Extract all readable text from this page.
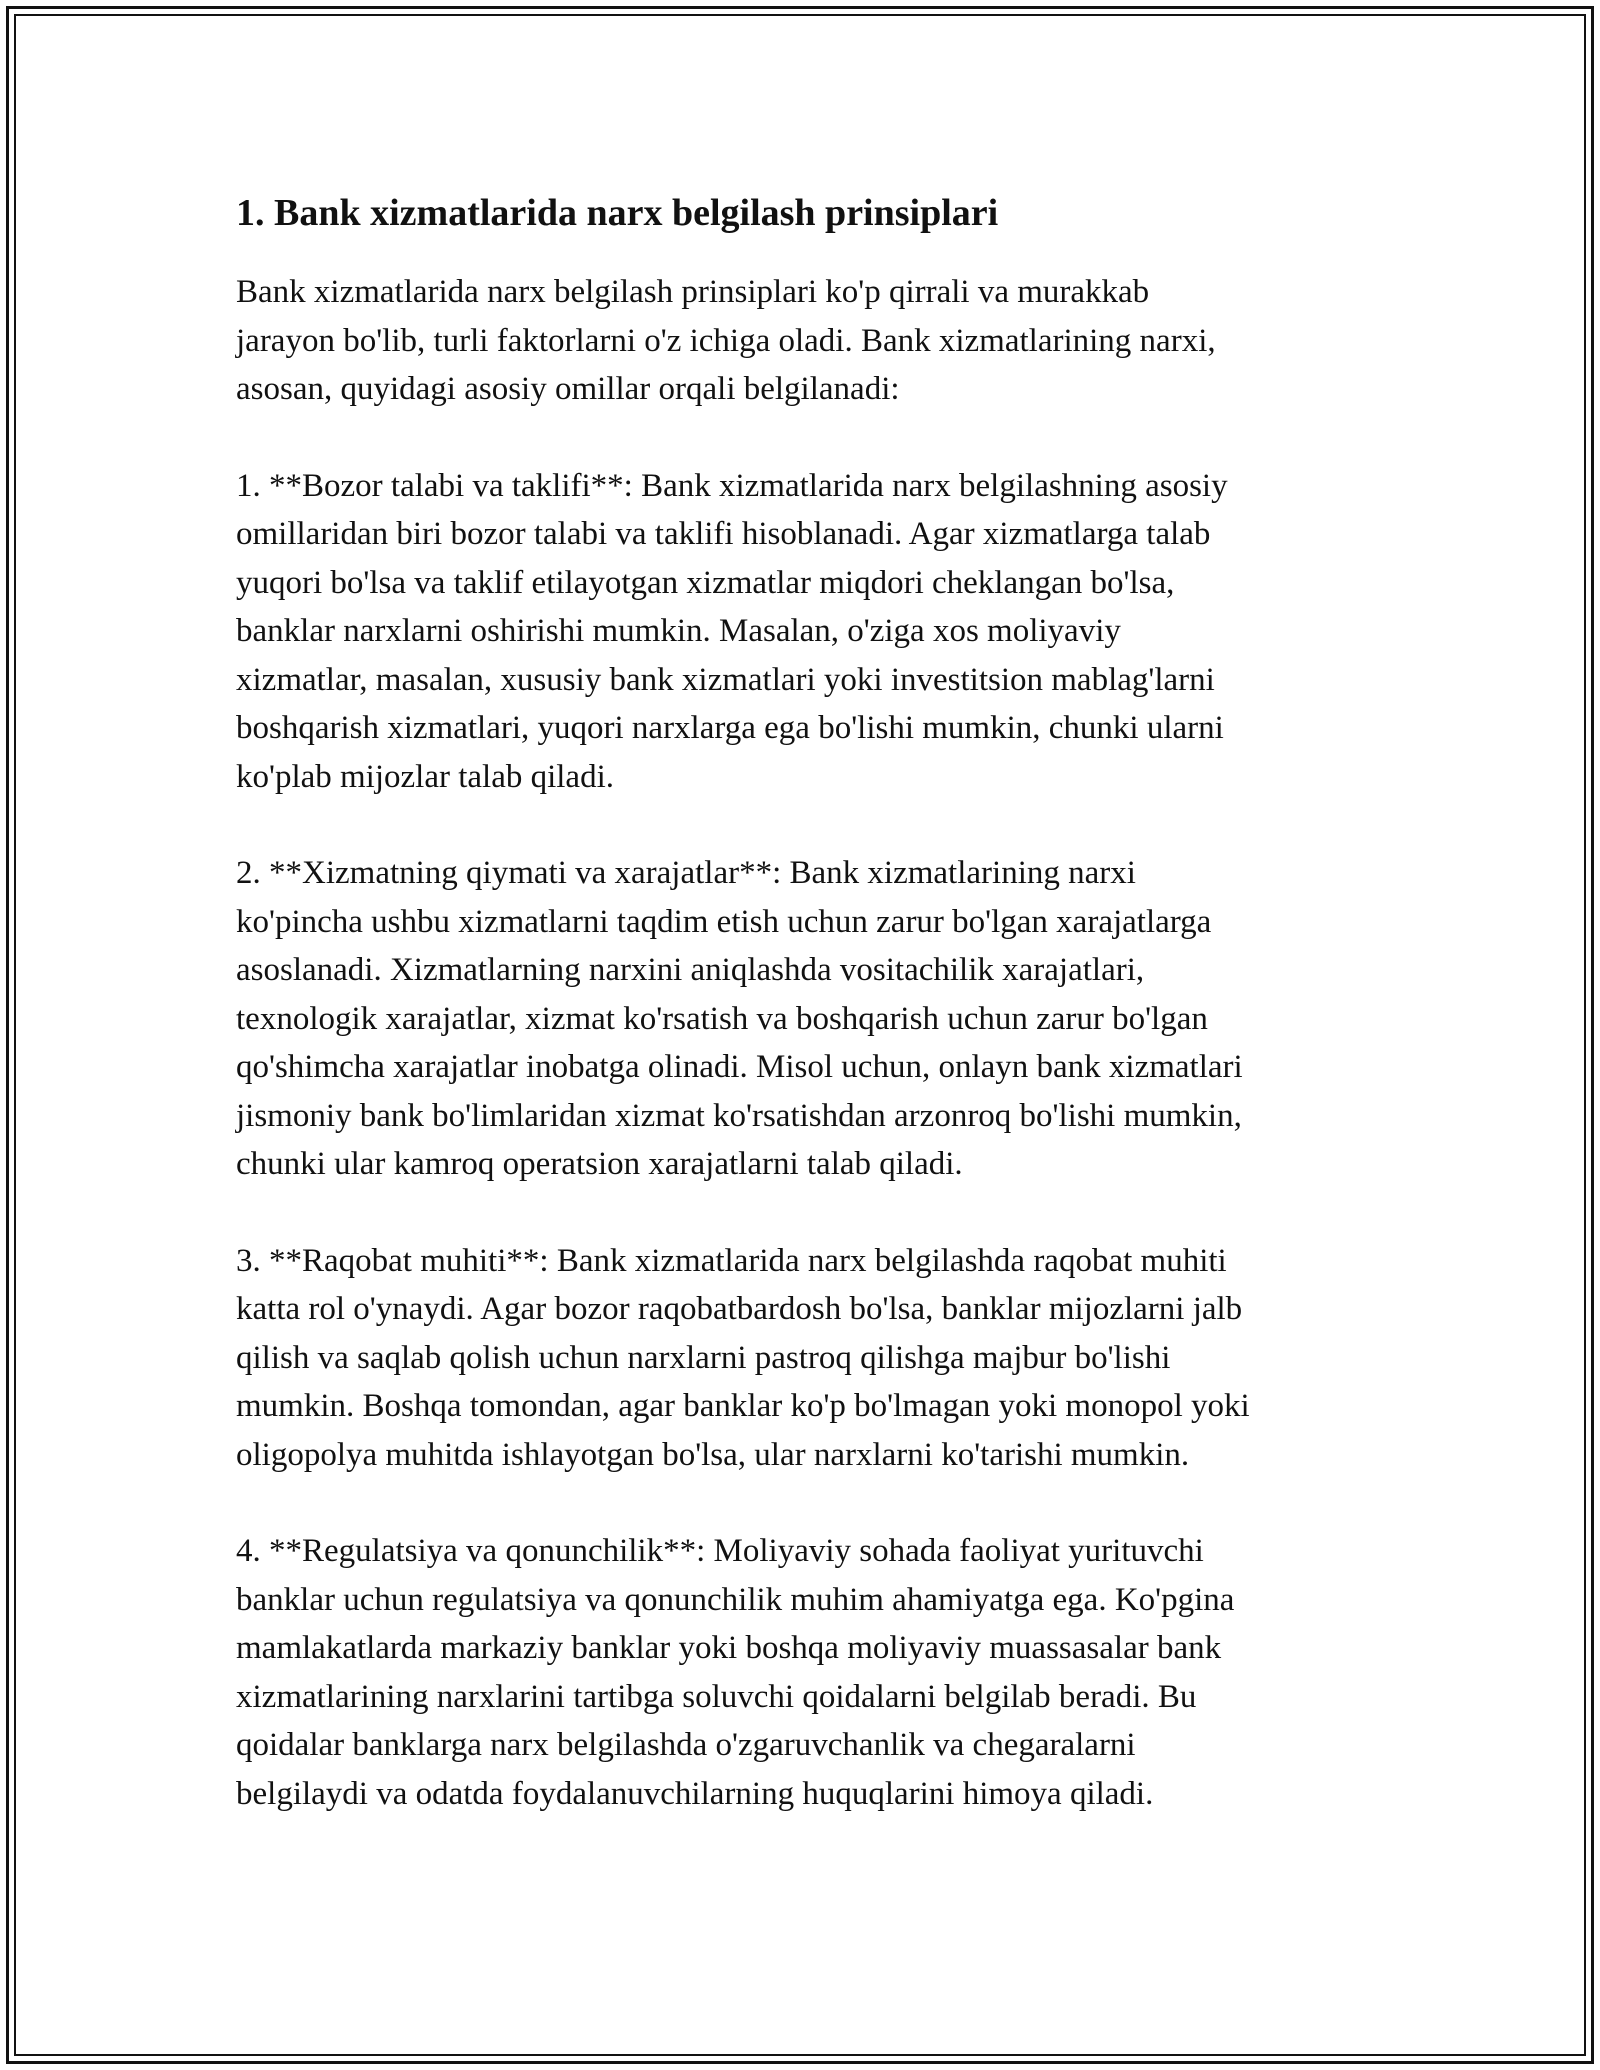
1. Bank xizmatlarida narx belgilash prinsiplari

Bank xizmatlarida narx belgilash prinsiplari ko'p qirrali va murakkab
jarayon bo'lib, turli faktorlarni o'z ichiga oladi. Bank xizmatlarining narxi,
asosan, quyidagi asosiy omillar orqali belgilanadi:

1. **Bozor talabi va taklifi**: Bank xizmatlarida narx belgilashning asosiy
omillaridan biri bozor talabi va taklifi hisoblanadi. Agar xizmatlarga talab
yuqori bo'lsa va taklif etilayotgan xizmatlar miqdori cheklangan bo'lsa,
banklar narxlarni oshirishi mumkin. Masalan, o'ziga xos moliyaviy
xizmatlar, masalan, xususiy bank xizmatlari yoki investitsion mablag'larni
boshqarish xizmatlari, yuqori narxlarga ega bo'lishi mumkin, chunki ularni
ko'plab mijozlar talab qiladi.

2. **Xizmatning qiymati va xarajatlar**: Bank xizmatlarining narxi
ko'pincha ushbu xizmatlarni taqdim etish uchun zarur bo'lgan xarajatlarga
asoslanadi. Xizmatlarning narxini aniqlashda vositachilik xarajatlari,
texnologik xarajatlar, xizmat ko'rsatish va boshqarish uchun zarur bo'lgan
qo'shimcha xarajatlar inobatga olinadi. Misol uchun, onlayn bank xizmatlari
jismoniy bank bo'limlaridan xizmat ko'rsatishdan arzonroq bo'lishi mumkin,
chunki ular kamroq operatsion xarajatlarni talab qiladi.

3. **Raqobat muhiti**: Bank xizmatlarida narx belgilashda raqobat muhiti
katta rol o'ynaydi. Agar bozor raqobatbardosh bo'lsa, banklar mijozlarni jalb
qilish va saqlab qolish uchun narxlarni pastroq qilishga majbur bo'lishi
mumkin. Boshqa tomondan, agar banklar ko'p bo'lmagan yoki monopol yoki
oligopolya muhitda ishlayotgan bo'lsa, ular narxlarni ko'tarishi mumkin.

4. **Regulatsiya va qonunchilik**: Moliyaviy sohada faoliyat yurituvchi
banklar uchun regulatsiya va qonunchilik muhim ahamiyatga ega. Ko'pgina
mamlakatlarda markaziy banklar yoki boshqa moliyaviy muassasalar bank
xizmatlarining narxlarini tartibga soluvchi qoidalarni belgilab beradi. Bu
qoidalar banklarga narx belgilashda o'zgaruvchanlik va chegaralarni
belgilaydi va odatda foydalanuvchilarning huquqlarini himoya qiladi.
